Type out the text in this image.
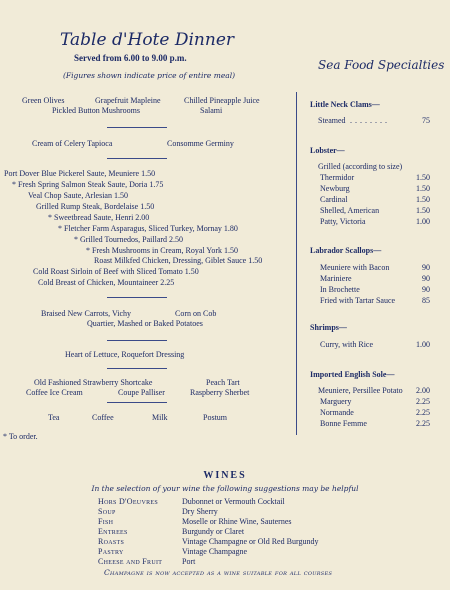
Table d'Hote Dinner
Served from 6.00 to 9.00 p.m.
(Figures shown indicate price of entire meal)
Green Olives	Grapefruit Mapleine	Chilled Pineapple Juice
Pickled Button Mushrooms	Salami
Cream of Celery Tapioca	Consomme Germiny
Port Dover Blue Pickerel Saute, Meuniere 1.50
* Fresh Spring Salmon Steak Saute, Doria 1.75
Veal Chop Saute, Arlesian 1.50
Grilled Rump Steak, Bordelaise 1.50
* Sweetbread Saute, Henri 2.00
* Fletcher Farm Asparagus, Sliced Turkey, Mornay 1.80
* Grilled Tournedos, Paillard 2.50
* Fresh Mushrooms in Cream, Royal York 1.50
Roast Milkfed Chicken, Dressing, Giblet Sauce 1.50
Cold Roast Sirloin of Beef with Sliced Tomato 1.50
Cold Breast of Chicken, Mountaineer 2.25
Braised New Carrots, Vichy	Corn on Cob
Quartier, Mashed or Baked Potatoes
Heart of Lettuce, Roquefort Dressing
Old Fashioned Strawberry Shortcake	Peach Tart
Coffee Ice Cream	Coupe Palliser	Raspberry Sherbet
Tea	Coffee	Milk	Postum
* To order.
Sea Food Specialties
Little Neck Clams—
Steamed ........	75
Lobster—
Grilled (according to size)
Thermidor	1.50
Newburg	1.50
Cardinal	1.50
Shelled, American	1.50
Patty, Victoria	1.00
Labrador Scallops—
Meuniere with Bacon	90
Mariniere	90
In Brochette	90
Fried with Tartar Sauce	85
Shrimps—
Curry, with Rice	1.00
Imported English Sole—
Meuniere, Persillee Potato	2.00
Marguery	2.25
Normande	2.25
Bonne Femme	2.25
WINES
In the selection of your wine the following suggestions may be helpful
Hors D'Oeuvres	Dubonnet or Vermouth Cocktail
Soup	Dry Sherry
Fish	Moselle or Rhine Wine, Sauternes
Entrees	Burgundy or Claret
Roasts	Vintage Champagne or Old Red Burgundy
Pastry	Vintage Champagne
Cheese and Fruit	Port
Champagne is now accepted as a wine suitable for all courses
